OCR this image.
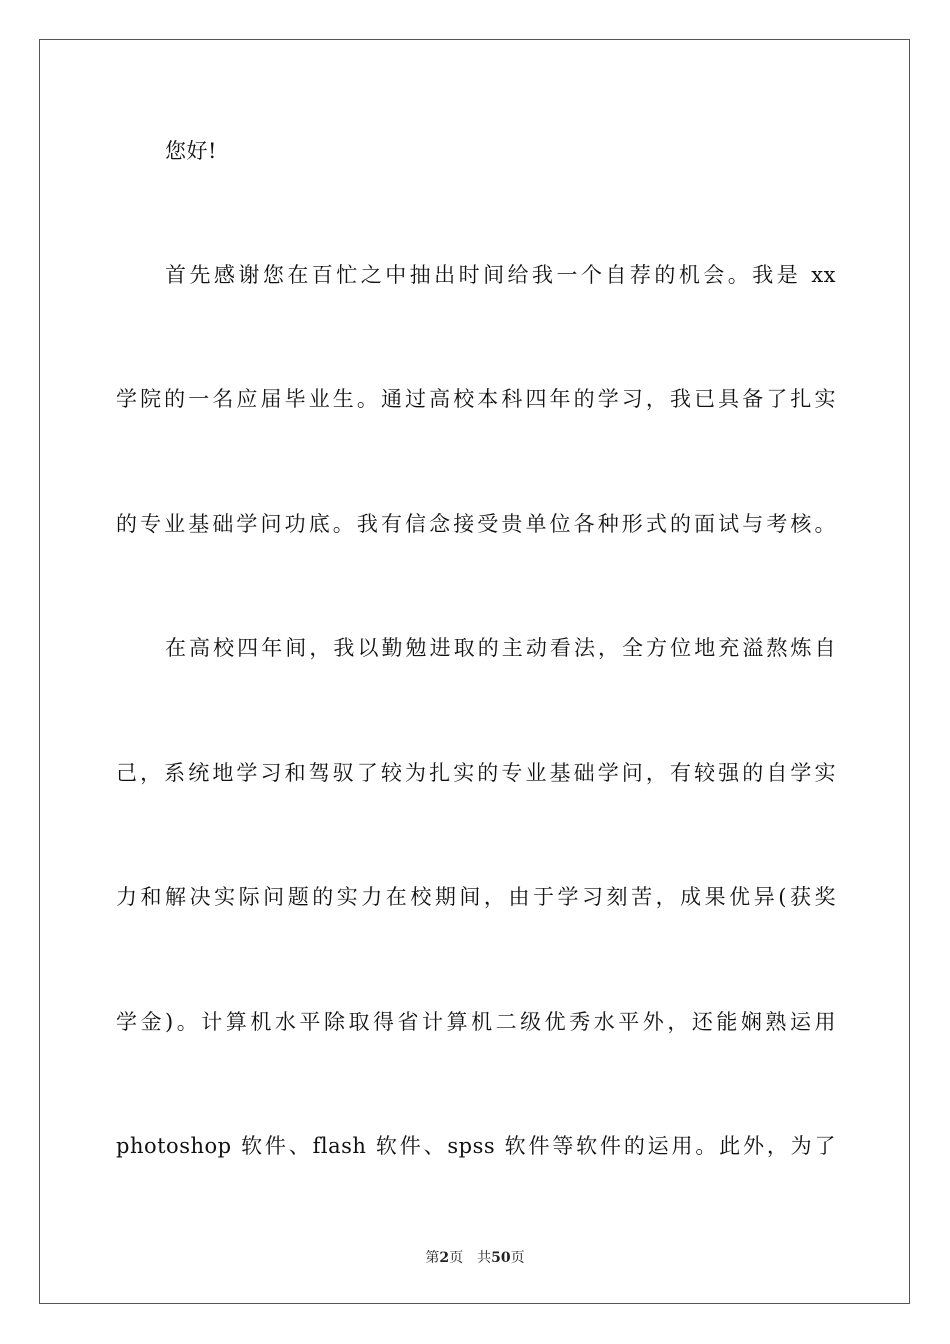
您好!
首先感谢您在百忙之中抽出时间给我一个自荐的机会。我是 xx
学院的一名应届毕业生。通过高校本科四年的学习，我已具备了扎实
的专业基础学问功底。我有信念接受贵单位各种形式的面试与考核。
在高校四年间，我以勤勉进取的主动看法，全方位地充溢熬炼自
己，系统地学习和驾驭了较为扎实的专业基础学问，有较强的自学实
力和解决实际问题的实力在校期间，由于学习刻苦，成果优异(获奖
学金)。计算机水平除取得省计算机二级优秀水平外，还能娴熟运用
photoshop 软件、flash 软件、spss 软件等软件的运用。此外，为了
第2页 共50页
